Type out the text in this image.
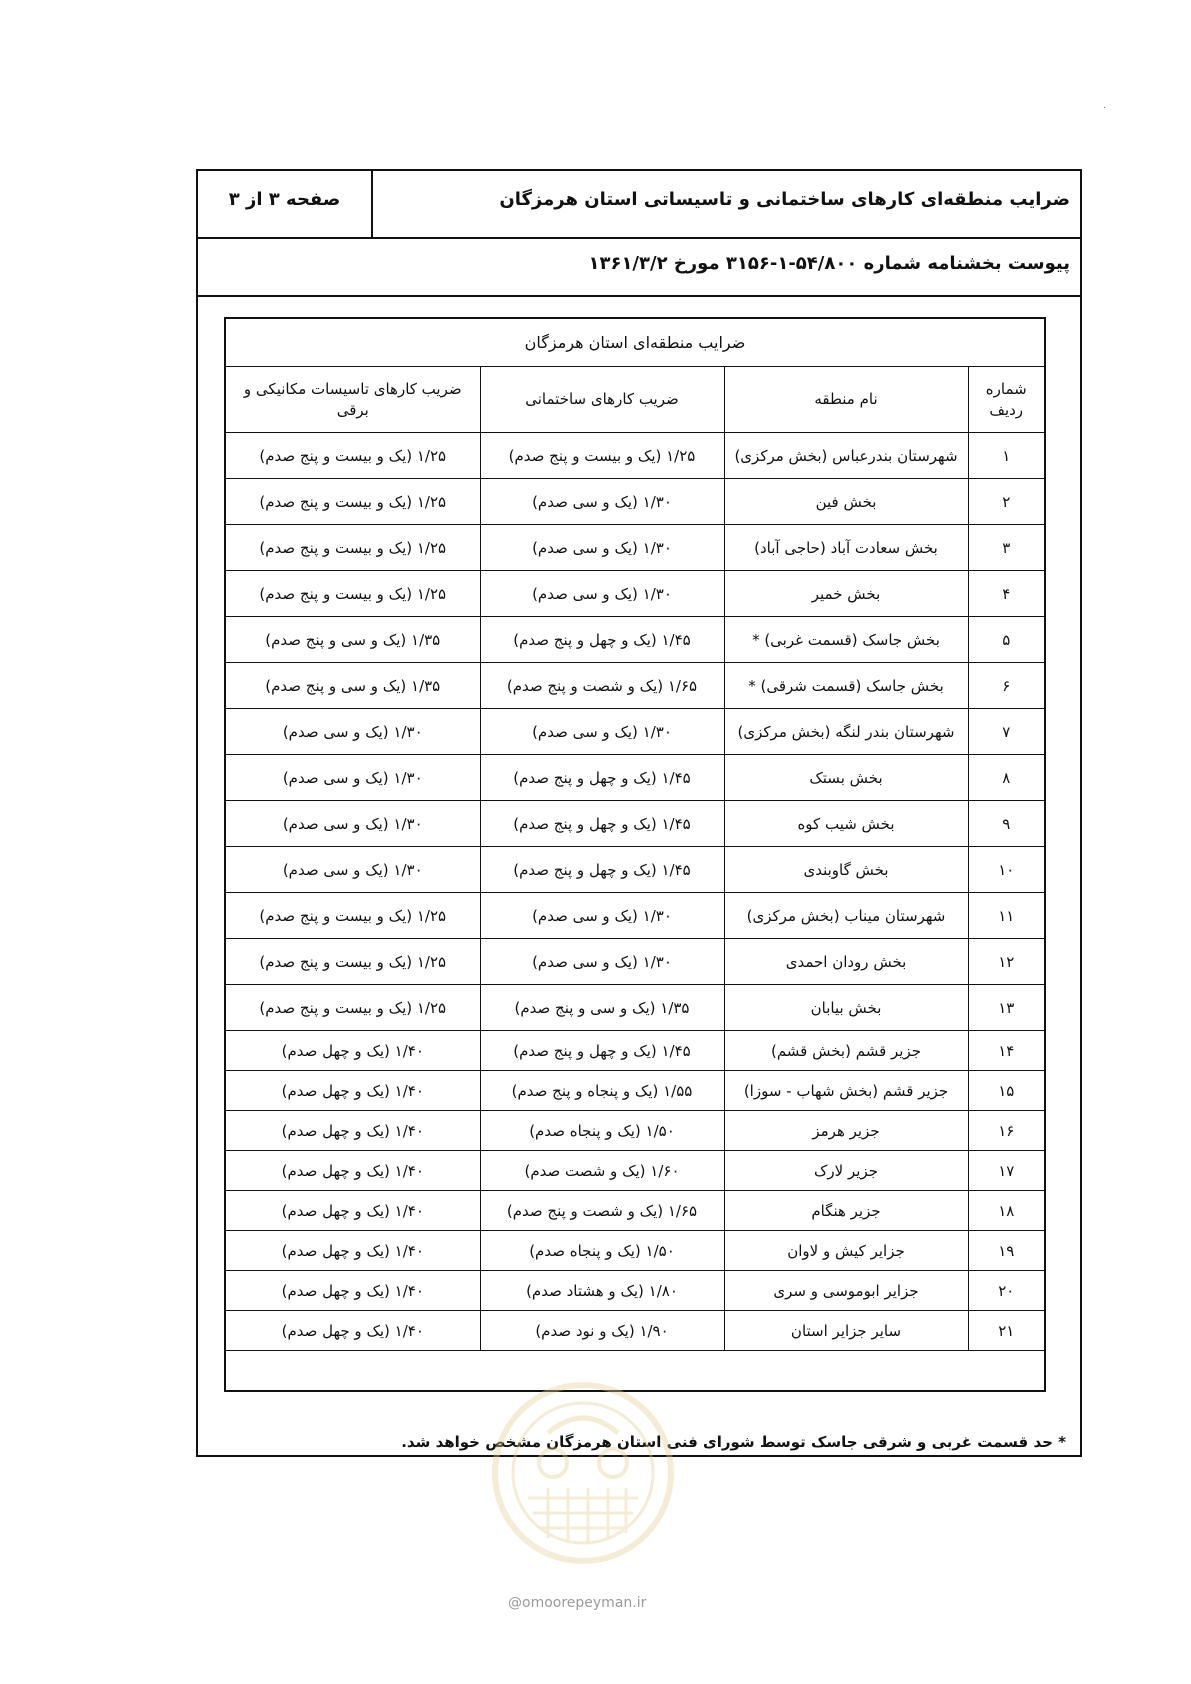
·
ضرایب منطقه‌ای کارهای ساختمانی و تاسیساتی استان هرمزگان
صفحه ۳ از ۳
پیوست بخشنامه شماره ۵۴/۸۰۰-۱-۳۱۵۶ مورخ ۱۳۶۱/۳/۲
ضرایب منطقه‌ای استان هرمزگان
شماره ردیف	نام منطقه	ضریب کارهای ساختمانی	ضریب کارهای تاسیسات مکانیکی و برقی
۱	شهرستان بندرعباس (بخش مرکزی)	۱/۲۵ (یک و بیست و پنج صدم)	۱/۲۵ (یک و بیست و پنج صدم)
۲	بخش فین	۱/۳۰ (یک و سی صدم)	۱/۲۵ (یک و بیست و پنج صدم)
۳	بخش سعادت آباد (حاجی آباد)	۱/۳۰ (یک و سی صدم)	۱/۲۵ (یک و بیست و پنج صدم)
۴	بخش خمیر	۱/۳۰ (یک و سی صدم)	۱/۲۵ (یک و بیست و پنج صدم)
۵	بخش جاسک (قسمت غربی) *	۱/۴۵ (یک و چهل و پنج صدم)	۱/۳۵ (یک و سی و پنج صدم)
۶	بخش جاسک (قسمت شرقی) *	۱/۶۵ (یک و شصت و پنج صدم)	۱/۳۵ (یک و سی و پنج صدم)
۷	شهرستان بندر لنگه (بخش مرکزی)	۱/۳۰ (یک و سی صدم)	۱/۳۰ (یک و سی صدم)
۸	بخش بستک	۱/۴۵ (یک و چهل و پنج صدم)	۱/۳۰ (یک و سی صدم)
۹	بخش شیب کوه	۱/۴۵ (یک و چهل و پنج صدم)	۱/۳۰ (یک و سی صدم)
۱۰	بخش گاوبندی	۱/۴۵ (یک و چهل و پنج صدم)	۱/۳۰ (یک و سی صدم)
۱۱	شهرستان میناب (بخش مرکزی)	۱/۳۰ (یک و سی صدم)	۱/۲۵ (یک و بیست و پنج صدم)
۱۲	بخش رودان احمدی	۱/۳۰ (یک و سی صدم)	۱/۲۵ (یک و بیست و پنج صدم)
۱۳	بخش بیابان	۱/۳۵ (یک و سی و پنج صدم)	۱/۲۵ (یک و بیست و پنج صدم)
۱۴	جزیر قشم (بخش قشم)	۱/۴۵ (یک و چهل و پنج صدم)	۱/۴۰ (یک و چهل صدم)
۱۵	جزیر قشم (بخش شهاب - سوزا)	۱/۵۵ (یک و پنجاه و پنج صدم)	۱/۴۰ (یک و چهل صدم)
۱۶	جزیر هرمز	۱/۵۰ (یک و پنجاه صدم)	۱/۴۰ (یک و چهل صدم)
۱۷	جزیر لارک	۱/۶۰ (یک و شصت صدم)	۱/۴۰ (یک و چهل صدم)
۱۸	جزیر هنگام	۱/۶۵ (یک و شصت و پنج صدم)	۱/۴۰ (یک و چهل صدم)
۱۹	جزایر کیش و لاوان	۱/۵۰ (یک و پنجاه صدم)	۱/۴۰ (یک و چهل صدم)
۲۰	جزایر ابوموسی و سری	۱/۸۰ (یک و هشتاد صدم)	۱/۴۰ (یک و چهل صدم)
۲۱	سایر جزایر استان	۱/۹۰ (یک و نود صدم)	۱/۴۰ (یک و چهل صدم)
* حد قسمت غربی و شرقی جاسک توسط شورای فنی استان هرمزگان مشخص خواهد شد.
@omoorepeyman.ir
